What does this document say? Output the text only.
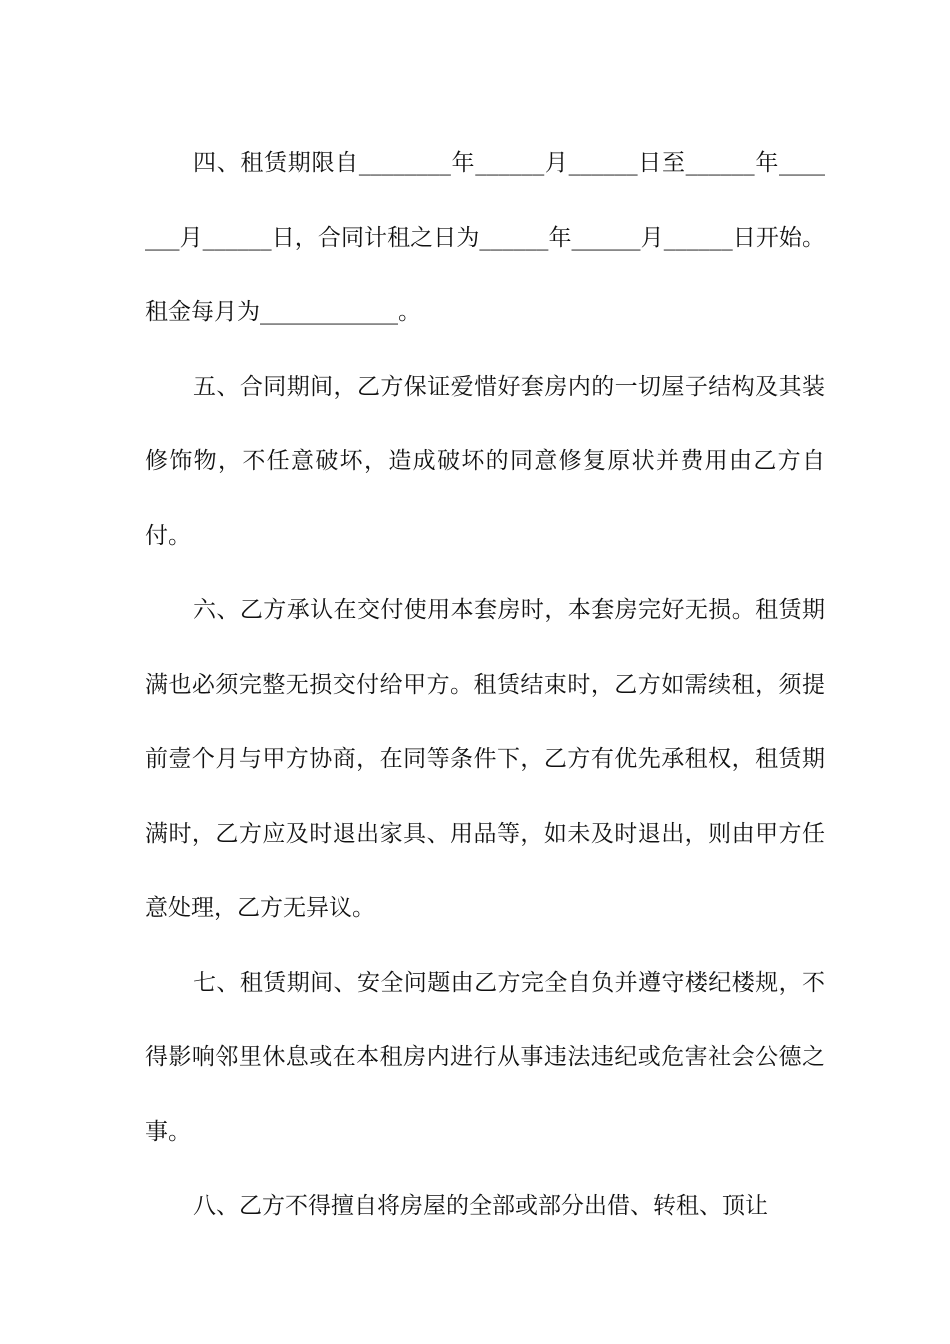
四、租赁期限自________年______月______日至______年_______月______日，合同计租之日为______年______月______日开始。租金每月为____________。

五、合同期间，乙方保证爱惜好套房内的一切屋子结构及其装修饰物，不任意破坏，造成破坏的同意修复原状并费用由乙方自付。

六、乙方承认在交付使用本套房时，本套房完好无损。租赁期满也必须完整无损交付给甲方。租赁结束时，乙方如需续租，须提前壹个月与甲方协商，在同等条件下，乙方有优先承租权，租赁期满时，乙方应及时退出家具、用品等，如未及时退出，则由甲方任意处理，乙方无异议。

七、租赁期间、安全问题由乙方完全自负并遵守楼纪楼规，不得影响邻里休息或在本租房内进行从事违法违纪或危害社会公德之事。

八、乙方不得擅自将房屋的全部或部分出借、转租、顶让
